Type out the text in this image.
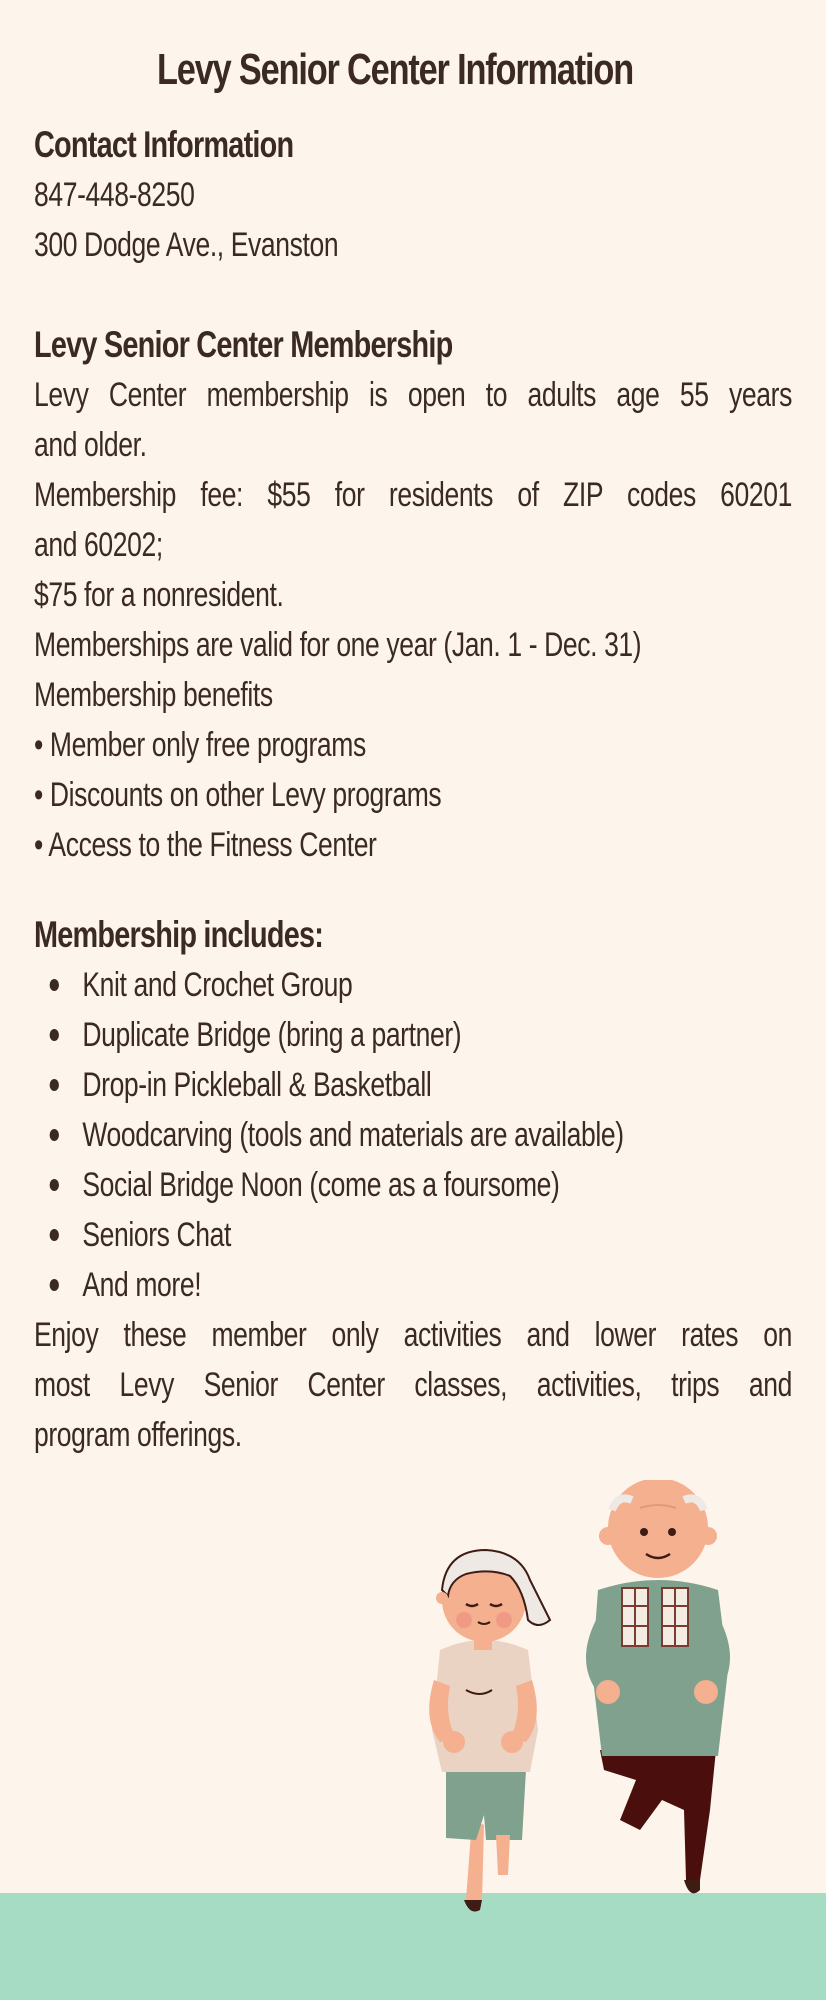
Levy Senior Center Information
Contact Information
847-448-8250
300 Dodge Ave., Evanston
Levy Senior Center Membership
Levy Center membership is open to adults age 55 years
and older.
Membership fee: $55 for residents of ZIP codes 60201
and 60202;
$75 for a nonresident.
Memberships are valid for one year (Jan. 1 - Dec. 31)
Membership benefits
• Member only free programs
• Discounts on other Levy programs
• Access to the Fitness Center
Membership includes:
Knit and Crochet Group
Duplicate Bridge (bring a partner)
Drop-in Pickleball & Basketball
Woodcarving (tools and materials are available)
Social Bridge Noon (come as a foursome)
Seniors Chat
And more!
Enjoy these member only activities and lower rates on
most Levy Senior Center classes, activities, trips and
program offerings.
